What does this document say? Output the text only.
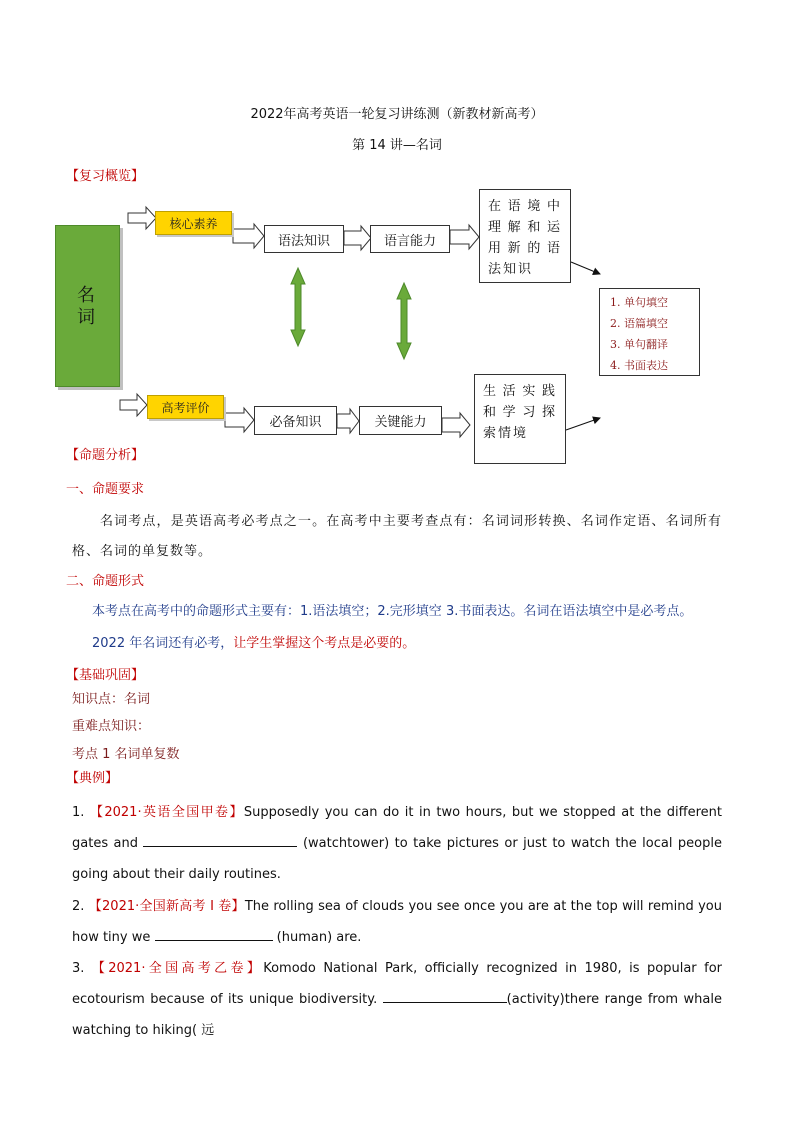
2022年高考英语一轮复习讲练测（新教材新高考）
第 14 讲—名词
【复习概览】
名
词
核心素养
语法知识	语言能力
在语境中理解和运用新的语法知识
1. 单句填空
2. 语篇填空
3. 单句翻译
4. 书面表达
高考评价
必备知识	关键能力
生活实践和学习探索情境
【命题分析】
一、命题要求
名词考点，是英语高考必考点之一。在高考中主要考查点有：名词词形转换、名词作定语、名词所有格、名词的单复数等。
二、命题形式
本考点在高考中的命题形式主要有：1.语法填空；2.完形填空 3.书面表达。名词在语法填空中是必考点。
2022 年名词还有必考，让学生掌握这个考点是必要的。
【基础巩固】
知识点：名词
重难点知识：
考点 1 名词单复数
【典例】
1. 【2021·英语全国甲卷】Supposedly you can do it in two hours, but we stopped at the different gates and	(watchtower) to take pictures or just to watch the local people going about their daily routines.
2. 【2021·全国新高考 I 卷】The rolling sea of clouds you see once you are at the top will remind you how tiny we	(human) are.
3. 【2021·全国高考乙卷】Komodo National Park, officially recognized in 1980, is popular for ecotourism because of its unique biodiversity.	(activity)there range from whale watching to hiking( 远
